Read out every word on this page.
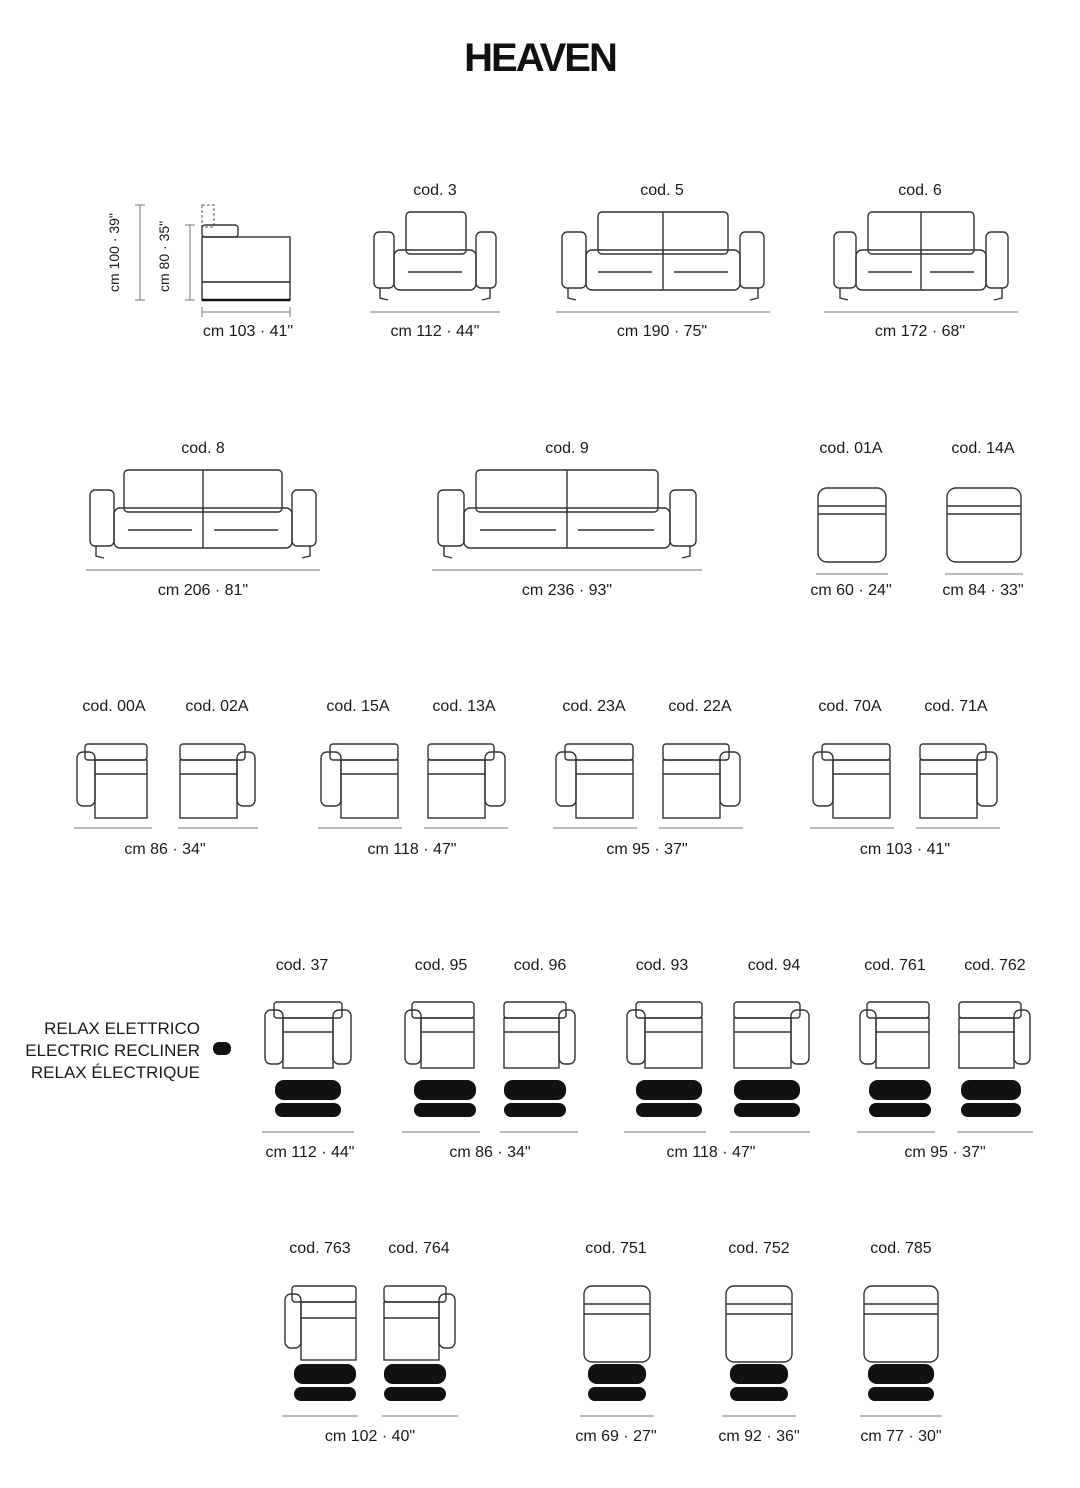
HEAVEN
cm 100 · 39" cm 80 · 35"
cm 103 · 41"
cod. 3
cm 112 · 44"
cod. 5
cm 190 · 75"
cod. 6
cm 172 · 68"
cod. 8
cm 206 · 81"
cod. 9
cm 236 · 93"
cod. 01A
cm 60 · 24"
cod. 14A
cm 84 · 33"
cod. 00A cod. 02A	cod. 15A	cod. 13A	cod. 23A	cod. 22A	cod. 70A	cod. 71A
cm 86 · 34"	cm 118 · 47"	cm 95 · 37"	cm 103 · 41"
RELAX ELETTRICO
ELECTRIC RECLINER
RELAX ÉLECTRIQUE
cod. 37	cod. 95	cod. 96	cod. 93	cod. 94	cod. 761 cod. 762
cm 112 · 44"	cm 86 · 34"	cm 118 · 47"	cm 95 · 37"
cod. 763 cod. 764	cod. 751	cod. 752	cod. 785
cm 102 · 40"	cm 69 · 27"	cm 92 · 36"	cm 77 · 30"
